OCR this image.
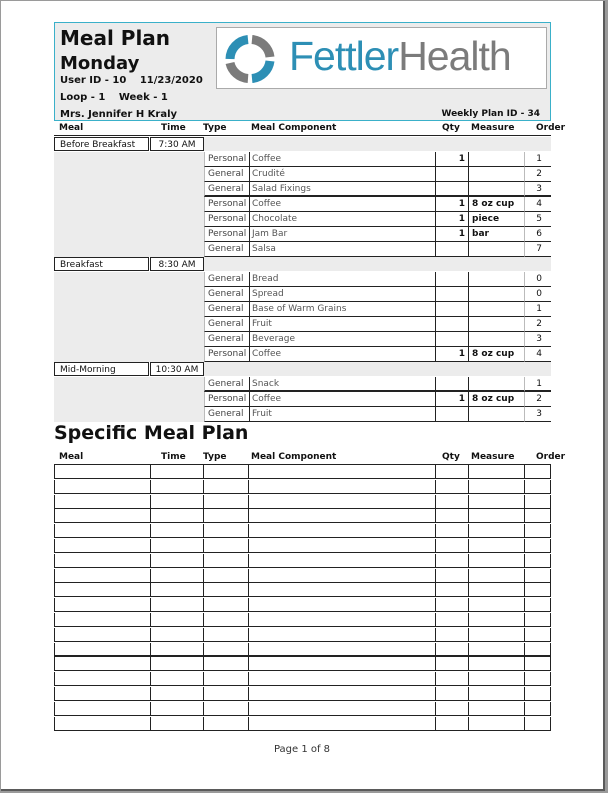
Meal Plan
Monday
User ID - 10 11/23/2020
Loop - 1 Week - 1
Mrs. Jennifer H Kraly	Weekly Plan ID - 34
FettlerHealth
Meal	Time Type	Meal Component	Qty Measure Order
Before Breakfast	7:30 AM
Personal Coffee	1	1
General Crudité	2
General Salad Fixings	3
Personal Coffee	1 8 oz cup	4
Personal Chocolate	1 piece	5
Personal Jam Bar	1 bar	6
General Salsa	7
Breakfast	8:30 AM
General Bread	0
General Spread	0
General Base of Warm Grains	1
General Fruit	2
General Beverage	3
Personal Coffee	1 8 oz cup	4
Mid-Morning	10:30 AM
General Snack	1
Personal Coffee	1 8 oz cup	2
General Fruit	3
Specific Meal Plan
Meal	Time Type	Meal Component	Qty Measure Order
Page 1 of 8
